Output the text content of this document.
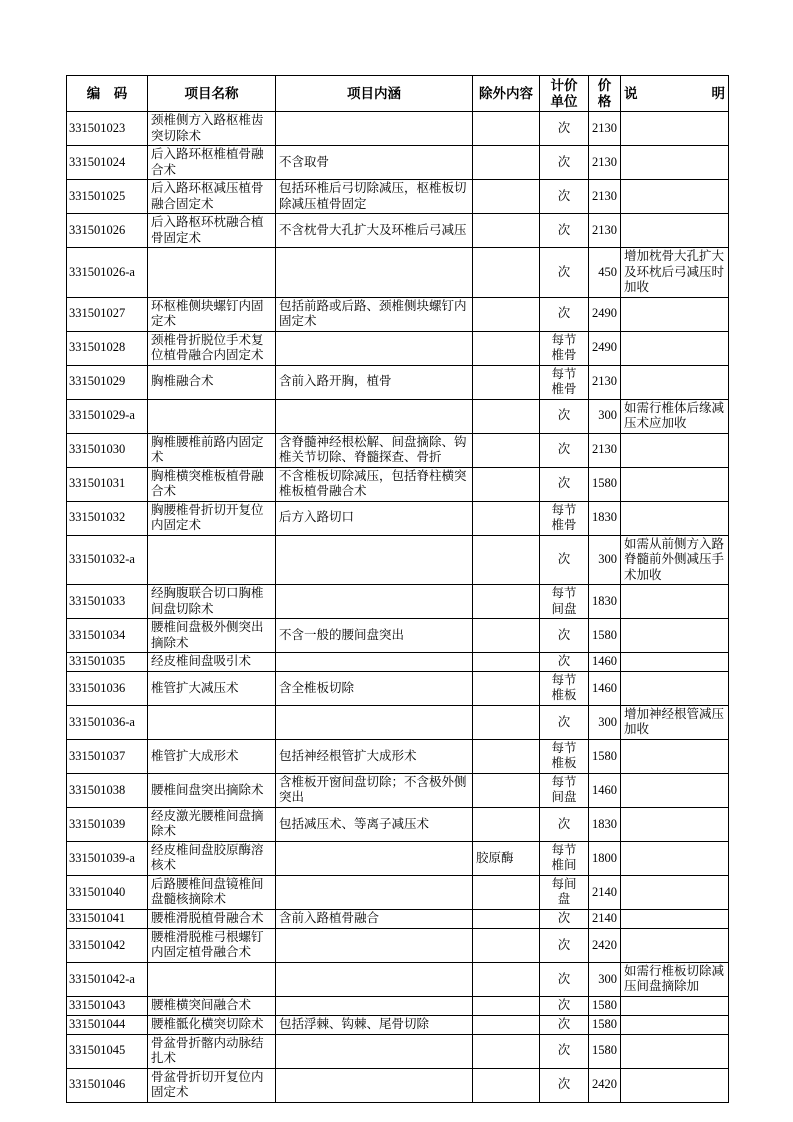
编　码	项目名称	项目内涵	除外内容	计价单位	价格	说 明

331501023	颈椎侧方入路枢椎齿突切除术			次	2130	
331501024	后入路环枢椎植骨融合术	不含取骨		次	2130	
331501025	后入路环枢减压植骨融合固定术	包括环椎后弓切除减压，枢椎板切除减压植骨固定		次	2130	
331501026	后入路枢环枕融合植骨固定术	不含枕骨大孔扩大及环椎后弓减压		次	2130	
331501026-a				次	450	增加枕骨大孔扩大及环枕后弓减压时加收
331501027	环枢椎侧块螺钉内固定术	包括前路或后路、颈椎侧块螺钉内固定术		次	2490	
331501028	颈椎骨折脱位手术复位植骨融合内固定术			每节椎骨	2490	
331501029	胸椎融合术	含前入路开胸，植骨		每节椎骨	2130	
331501029-a				次	300	如需行椎体后缘减压术应加收
331501030	胸椎腰椎前路内固定术	含脊髓神经根松解、间盘摘除、钩椎关节切除、脊髓探查、骨折		次	2130	
331501031	胸椎横突椎板植骨融合术	不含椎板切除减压，包括脊柱横突椎板植骨融合术		次	1580	
331501032	胸腰椎骨折切开复位内固定术	后方入路切口		每节椎骨	1830	
331501032-a				次	300	如需从前侧方入路脊髓前外侧减压手术加收
331501033	经胸腹联合切口胸椎间盘切除术			每节间盘	1830	
331501034	腰椎间盘极外侧突出摘除术	不含一般的腰间盘突出		次	1580	
331501035	经皮椎间盘吸引术			次	1460	
331501036	椎管扩大减压术	含全椎板切除		每节椎板	1460	
331501036-a				次	300	增加神经根管减压加收
331501037	椎管扩大成形术	包括神经根管扩大成形术		每节椎板	1580	
331501038	腰椎间盘突出摘除术	含椎板开窗间盘切除；不含极外侧突出		每节间盘	1460	
331501039	经皮激光腰椎间盘摘除术	包括减压术、等离子减压术		次	1830	
331501039-a	经皮椎间盘胶原酶溶核术		胶原酶	每节椎间	1800	
331501040	后路腰椎间盘镜椎间盘髓核摘除术			每间盘	2140	
331501041	腰椎滑脱植骨融合术	含前入路植骨融合		次	2140	
331501042	腰椎滑脱椎弓根螺钉内固定植骨融合术			次	2420	
331501042-a				次	300	如需行椎板切除减压间盘摘除加
331501043	腰椎横突间融合术			次	1580	
331501044	腰椎骶化横突切除术	包括浮棘、钩棘、尾骨切除		次	1580	
331501045	骨盆骨折髂内动脉结扎术			次	1580	
331501046	骨盆骨折切开复位内固定术			次	2420	
